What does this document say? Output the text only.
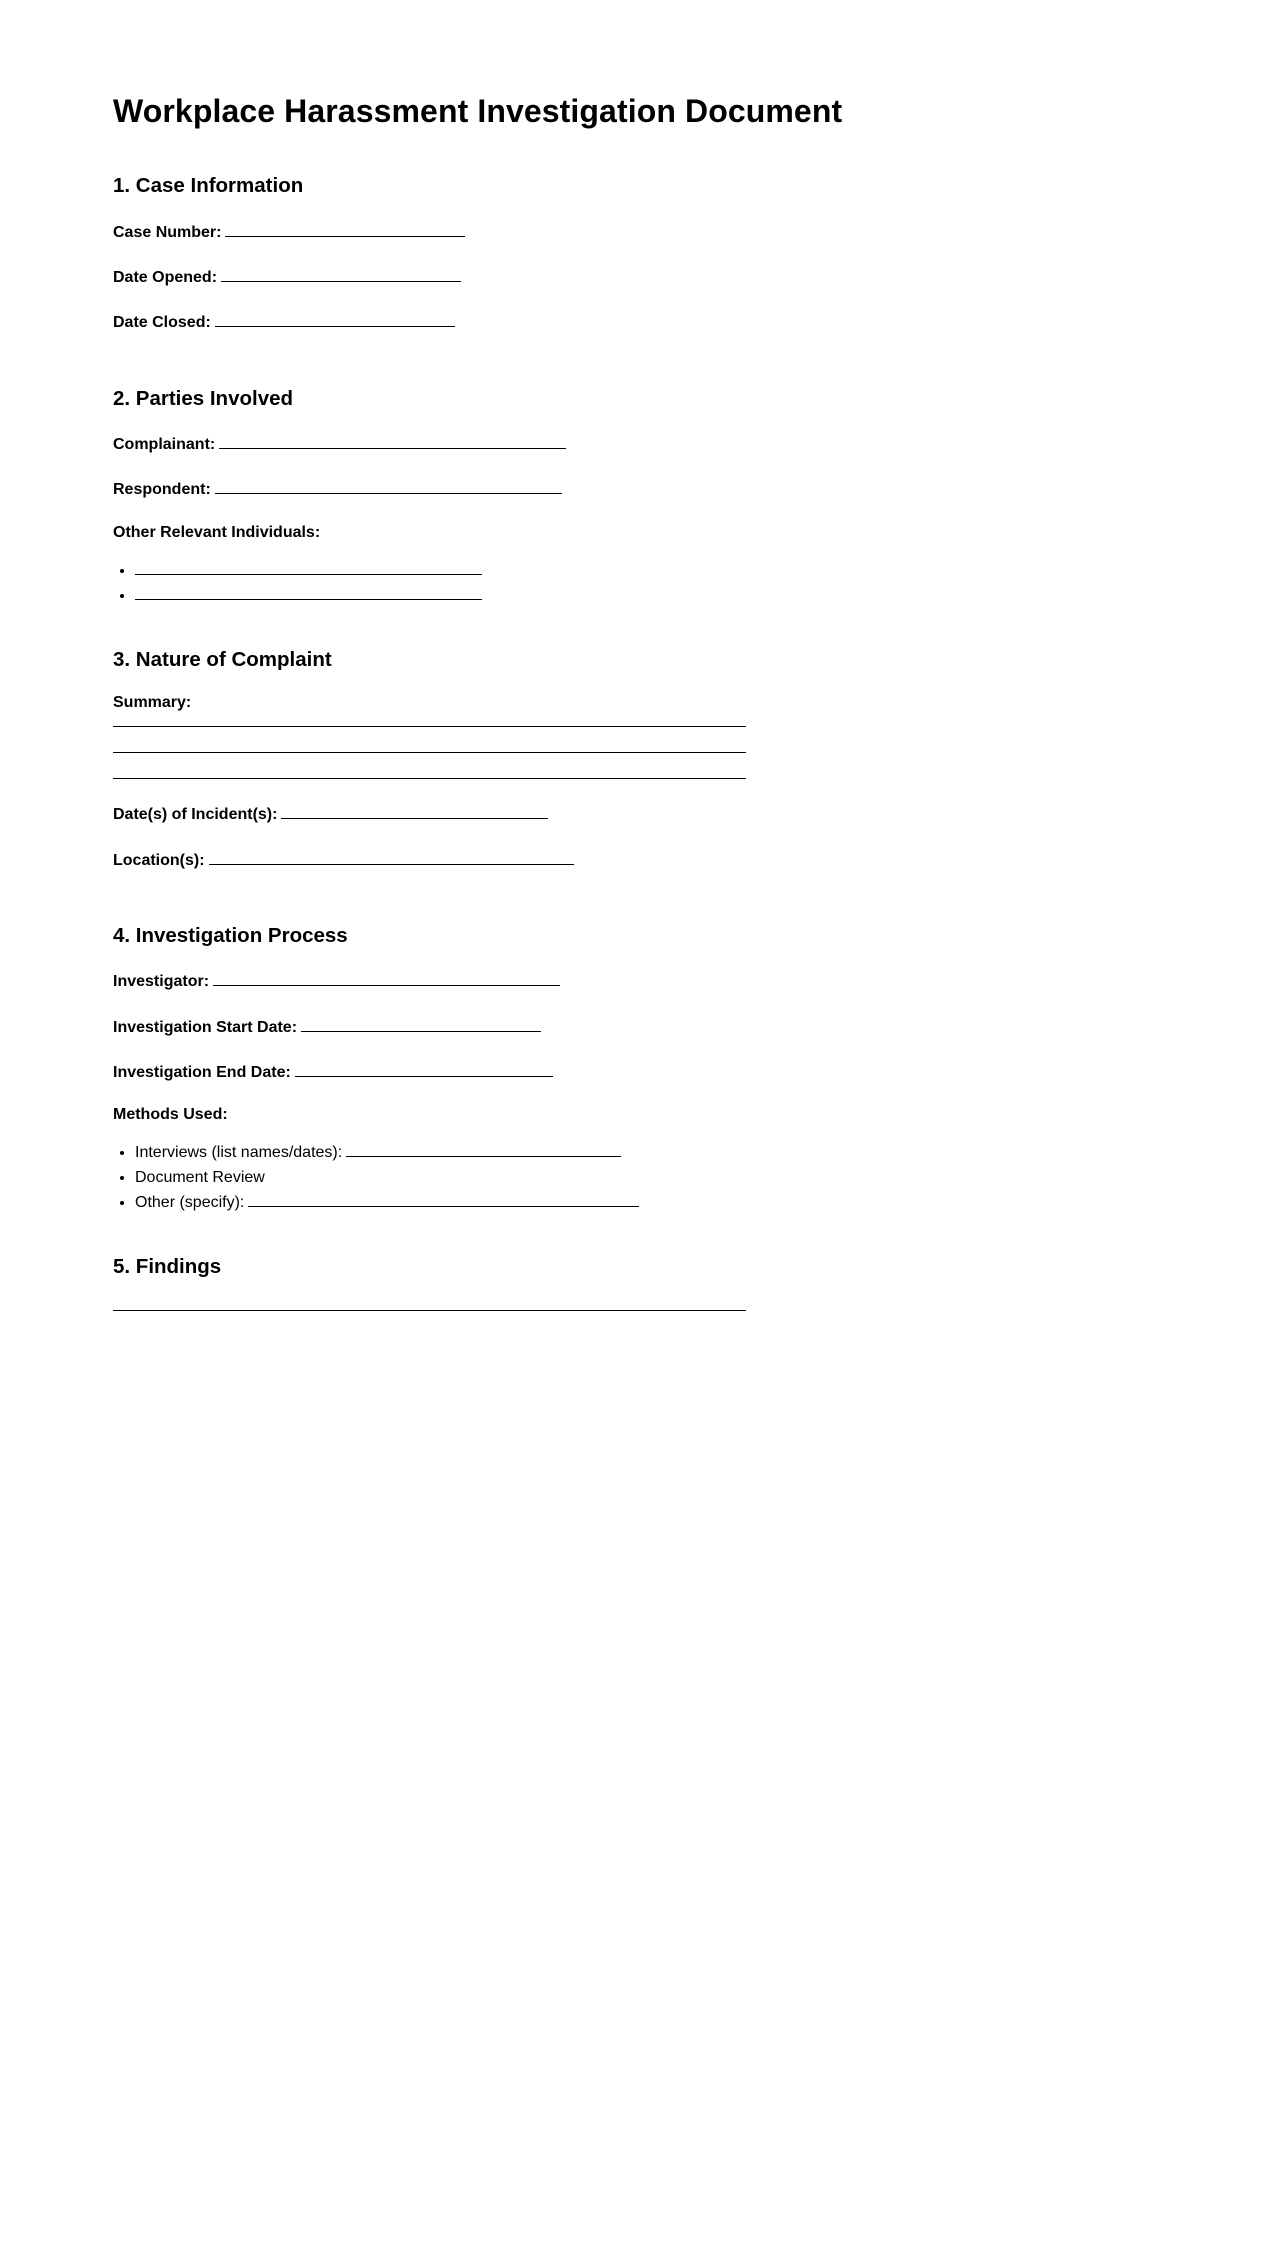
Workplace Harassment Investigation Document
1. Case Information
Case Number:
Date Opened:
Date Closed:
2. Parties Involved
Complainant:
Respondent:
Other Relevant Individuals:
•
•
3. Nature of Complaint
Summary:
Date(s) of Incident(s):
Location(s):
4. Investigation Process
Investigator:
Investigation Start Date:
Investigation End Date:
Methods Used:
• Interviews (list names/dates):
• Document Review
• Other (specify):
5. Findings
